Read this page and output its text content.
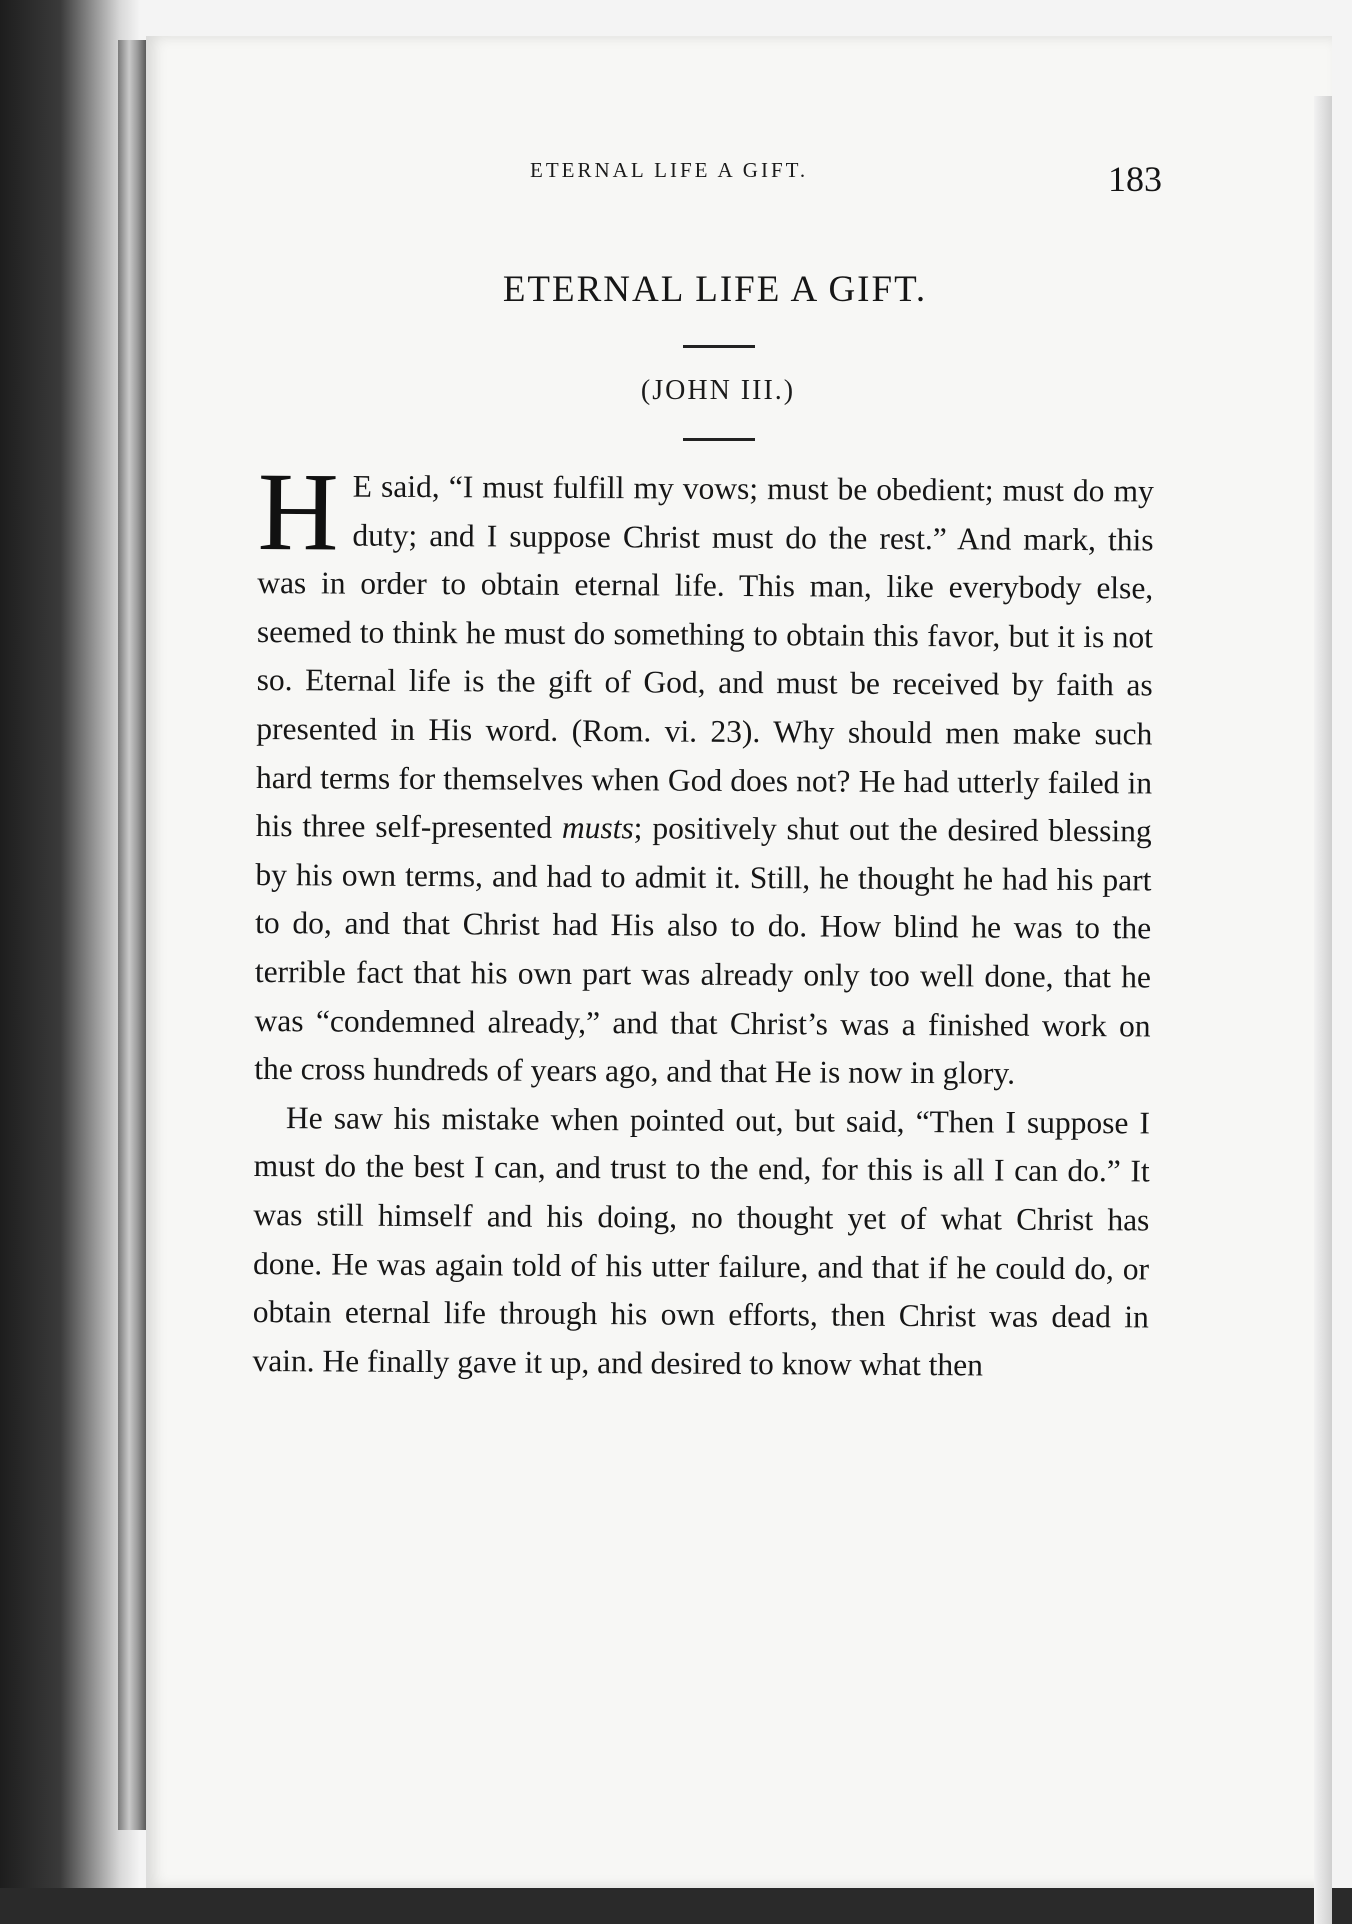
ETERNAL LIFE A GIFT.	183
ETERNAL LIFE A GIFT.
(JOHN III.)

H E said, “I must fulfill my vows; must be obedient; must do my duty; and I suppose Christ must do the rest.” And mark, this was in order to obtain eternal life. This man, like everybody else, seemed to think he must do something to obtain this favor, but it is not so. Eternal life is the gift of God, and must be received by faith as presented in His word. (Rom. vi. 23). Why should men make such hard terms for themselves when God does not? He had utterly failed in his three self-presented musts; positively shut out the desired blessing by his own terms, and had to admit it. Still, he thought he had his part to do, and that Christ had His also to do. How blind he was to the terrible fact that his own part was already only too well done, that he was “condemned already,” and that Christ’s was a finished work on the cross hundreds of years ago, and that He is now in glory.

He saw his mistake when pointed out, but said, “Then I suppose I must do the best I can, and trust to the end, for this is all I can do.” It was still himself and his doing, no thought yet of what Christ has done. He was again told of his utter failure, and that if he could do, or obtain eternal life through his own efforts, then Christ was dead in vain. He finally gave it up, and desired to know what then
